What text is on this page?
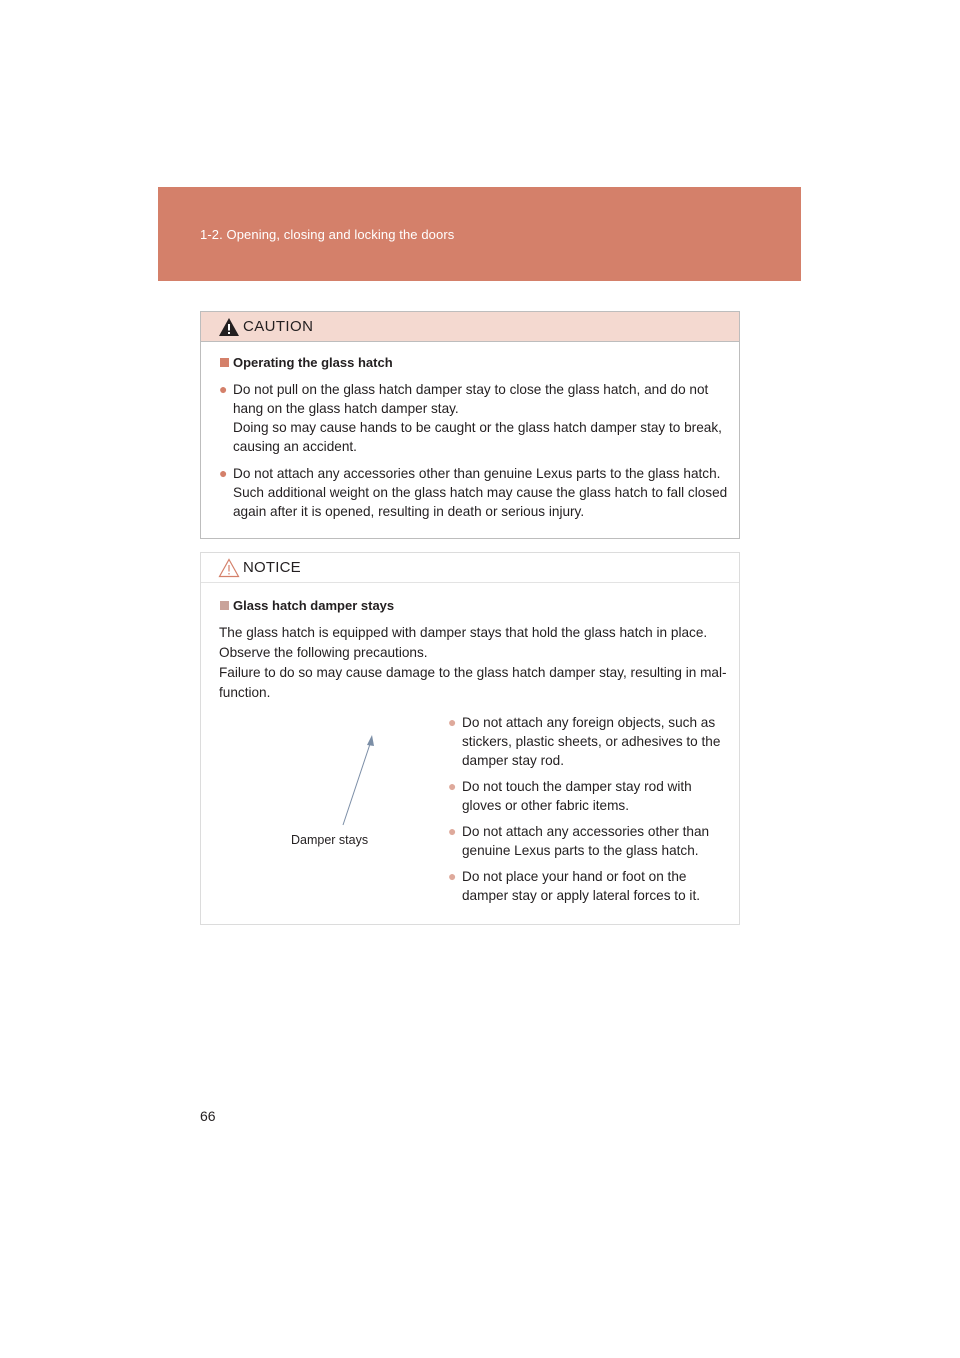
1-2. Opening, closing and locking the doors
CAUTION
Operating the glass hatch
● Do not pull on the glass hatch damper stay to close the glass hatch, and do not
hang on the glass hatch damper stay.
Doing so may cause hands to be caught or the glass hatch damper stay to break,
causing an accident.
● Do not attach any accessories other than genuine Lexus parts to the glass hatch.
Such additional weight on the glass hatch may cause the glass hatch to fall closed
again after it is opened, resulting in death or serious injury.
NOTICE
Glass hatch damper stays

The glass hatch is equipped with damper stays that hold the glass hatch in place.

Observe the following precautions.

Failure to do so may cause damage to the glass hatch damper stay, resulting in mal-

function.

Damper stays
● Do not attach any foreign objects, such as
stickers, plastic sheets, or adhesives to the
damper stay rod.
● Do not touch the damper stay rod with
gloves or other fabric items.
● Do not attach any accessories other than
genuine Lexus parts to the glass hatch.
● Do not place your hand or foot on the
damper stay or apply lateral forces to it.
66
